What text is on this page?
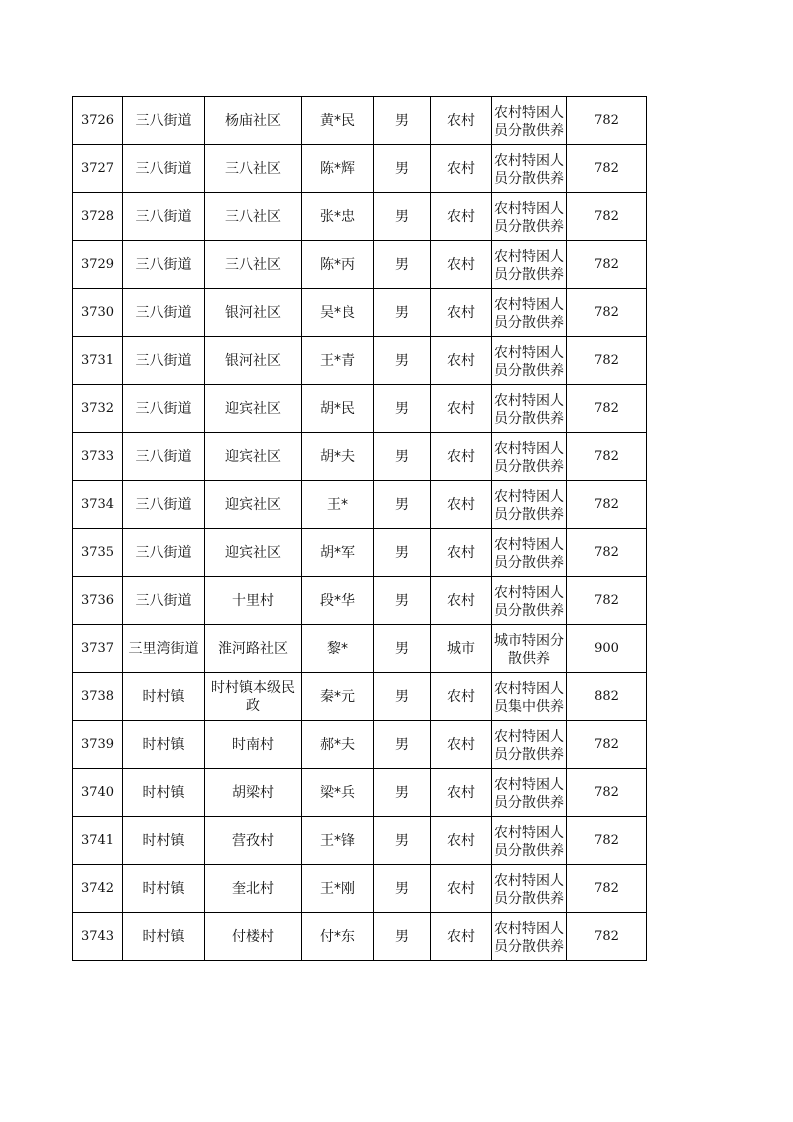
3726	三八街道	杨庙社区	黄*民	男	农村	农村特困人员分散供养	782

3727	三八街道	三八社区	陈*辉	男	农村	农村特困人员分散供养	782

3728	三八街道	三八社区	张*忠	男	农村	农村特困人员分散供养	782

3729	三八街道	三八社区	陈*丙	男	农村	农村特困人员分散供养	782

3730	三八街道	银河社区	吴*良	男	农村	农村特困人员分散供养	782

3731	三八街道	银河社区	王*青	男	农村	农村特困人员分散供养	782

3732	三八街道	迎宾社区	胡*民	男	农村	农村特困人员分散供养	782

3733	三八街道	迎宾社区	胡*夫	男	农村	农村特困人员分散供养	782

3734	三八街道	迎宾社区	王*	男	农村	农村特困人员分散供养	782

3735	三八街道	迎宾社区	胡*军	男	农村	农村特困人员分散供养	782

3736	三八街道	十里村	段*华	男	农村	农村特困人员分散供养	782

3737	三里湾街道	淮河路社区	黎*	男	城市	城市特困分散供养	900

3738	时村镇	时村镇本级民政	秦*元	男	农村	农村特困人员集中供养	882

3739	时村镇	时南村	郝*夫	男	农村	农村特困人员分散供养	782

3740	时村镇	胡梁村	梁*兵	男	农村	农村特困人员分散供养	782

3741	时村镇	营孜村	王*锋	男	农村	农村特困人员分散供养	782

3742	时村镇	奎北村	王*刚	男	农村	农村特困人员分散供养	782

3743	时村镇	付楼村	付*东	男	农村	农村特困人员分散供养	782
